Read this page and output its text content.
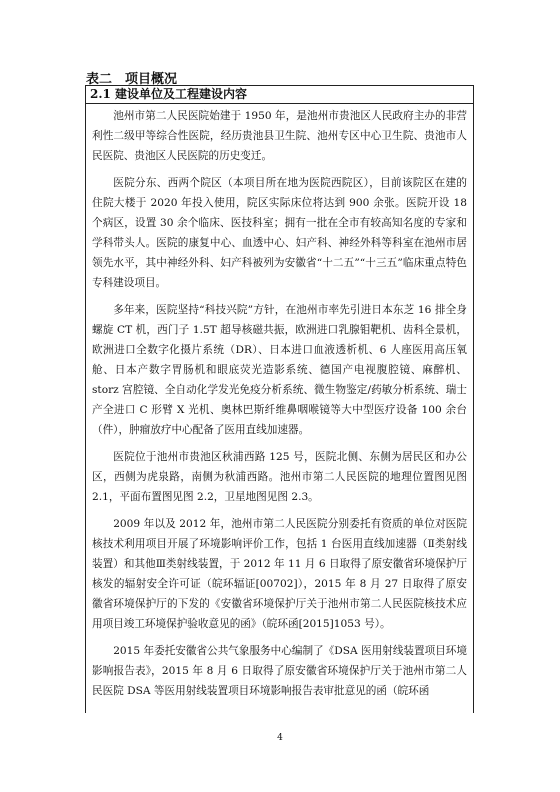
表二　项目概况
2.1 建设单位及工程建设内容

池州市第二人民医院始建于 1950 年，是池州市贵池区人民政府主办的非营利性二级甲等综合性医院，经历贵池县卫生院、池州专区中心卫生院、贵池市人民医院、贵池区人民医院的历史变迁。

医院分东、西两个院区（本项目所在地为医院西院区），目前该院区在建的住院大楼于 2020 年投入使用，院区实际床位将达到 900 余张。医院开设 18 个病区，设置 30 余个临床、医技科室；拥有一批在全市有较高知名度的专家和学科带头人。医院的康复中心、血透中心、妇产科、神经外科等科室在池州市居领先水平，其中神经外科、妇产科被列为安徽省“十二五”“十三五”临床重点特色专科建设项目。

多年来，医院坚持“科技兴院”方针，在池州市率先引进日本东芝 16 排全身螺旋 CT 机，西门子 1.5T 超导核磁共振，欧洲进口乳腺钼靶机、齿科全景机，欧洲进口全数字化摄片系统（DR）、日本进口血液透析机、6 人座医用高压氧舱、日本产数字胃肠机和眼底荧光造影系统、德国产电视腹腔镜、麻醉机、storz 宫腔镜、全自动化学发光免疫分析系统、微生物鉴定/药敏分析系统、瑞士产全进口 C 形臂 X 光机、奥林巴斯纤维鼻咽喉镜等大中型医疗设备 100 余台（件），肿瘤放疗中心配备了医用直线加速器。

医院位于池州市贵池区秋浦西路 125 号，医院北侧、东侧为居民区和办公区，西侧为虎泉路，南侧为秋浦西路。池州市第二人民医院的地理位置图见图 2.1，平面布置图见图 2.2，卫星地图见图 2.3。

2009 年以及 2012 年，池州市第二人民医院分别委托有资质的单位对医院核技术利用项目开展了环境影响评价工作，包括 1 台医用直线加速器（Ⅱ类射线装置）和其他Ⅲ类射线装置，于 2012 年 11 月 6 日取得了原安徽省环境保护厅核发的辐射安全许可证（皖环辐证[00702]），2015 年 8 月 27 日取得了原安徽省环境保护厅的下发的《安徽省环境保护厅关于池州市第二人民医院核技术应用项目竣工环境保护验收意见的函》（皖环函[2015]1053 号）。

2015 年委托安徽省公共气象服务中心编制了《DSA 医用射线装置项目环境影响报告表》，2015 年 8 月 6 日取得了原安徽省环境保护厅关于池州市第二人民医院 DSA 等医用射线装置项目环境影响报告表审批意见的函（皖环函

4
